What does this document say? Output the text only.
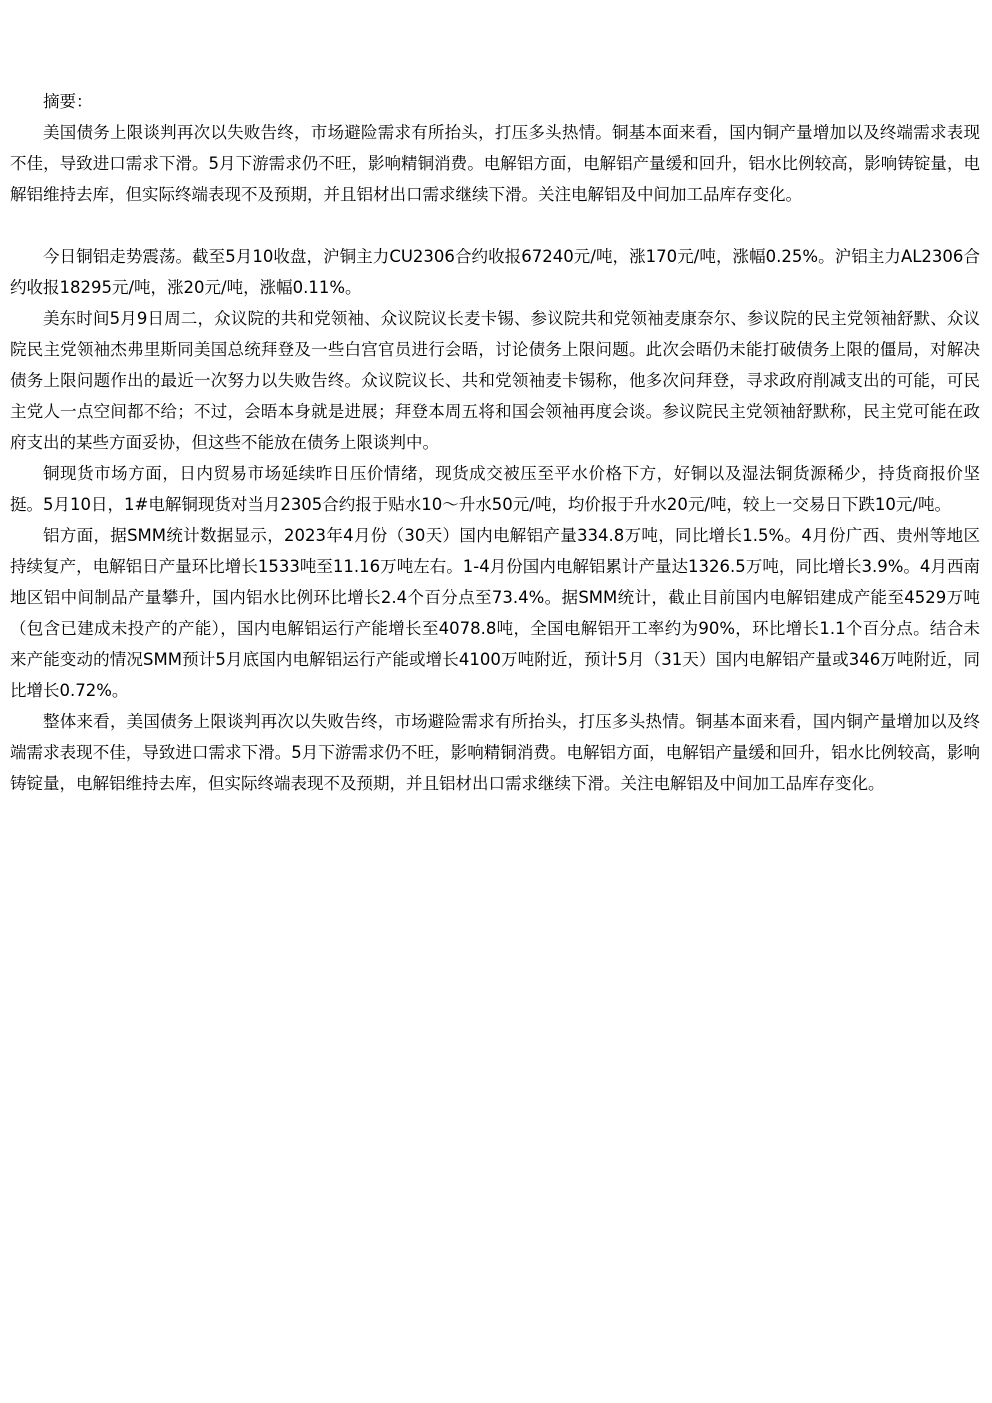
摘要：

美国债务上限谈判再次以失败告终，市场避险需求有所抬头，打压多头热情。铜基本面来看，国内铜产量增加以及终端需求表现不佳，导致进口需求下滑。5月下游需求仍不旺，影响精铜消费。电解铝方面，电解铝产量缓和回升，铝水比例较高，影响铸锭量，电解铝维持去库，但实际终端表现不及预期，并且铝材出口需求继续下滑。关注电解铝及中间加工品库存变化。

今日铜铝走势震荡。截至5月10收盘，沪铜主力CU2306合约收报67240元/吨，涨170元/吨，涨幅0.25%。沪铝主力AL2306合约收报18295元/吨，涨20元/吨，涨幅0.11%。

美东时间5月9日周二，众议院的共和党领袖、众议院议长麦卡锡、参议院共和党领袖麦康奈尔、参议院的民主党领袖舒默、众议院民主党领袖杰弗里斯同美国总统拜登及一些白宫官员进行会晤，讨论债务上限问题。此次会晤仍未能打破债务上限的僵局，对解决债务上限问题作出的最近一次努力以失败告终。众议院议长、共和党领袖麦卡锡称，他多次问拜登，寻求政府削减支出的可能，可民主党人一点空间都不给；不过，会晤本身就是进展；拜登本周五将和国会领袖再度会谈。参议院民主党领袖舒默称，民主党可能在政府支出的某些方面妥协，但这些不能放在债务上限谈判中。

铜现货市场方面，日内贸易市场延续昨日压价情绪，现货成交被压至平水价格下方，好铜以及湿法铜货源稀少，持货商报价坚挺。5月10日，1#电解铜现货对当月2305合约报于贴水10～升水50元/吨，均价报于升水20元/吨，较上一交易日下跌10元/吨。

铝方面，据SMM统计数据显示，2023年4月份（30天）国内电解铝产量334.8万吨，同比增长1.5%。4月份广西、贵州等地区持续复产，电解铝日产量环比增长1533吨至11.16万吨左右。1-4月份国内电解铝累计产量达1326.5万吨，同比增长3.9%。4月西南地区铝中间制品产量攀升，国内铝水比例环比增长2.4个百分点至73.4%。据SMM统计，截止目前国内电解铝建成产能至4529万吨（包含已建成未投产的产能），国内电解铝运行产能增长至4078.8吨，全国电解铝开工率约为90%，环比增长1.1个百分点。结合未来产能变动的情况SMM预计5月底国内电解铝运行产能或增长4100万吨附近，预计5月（31天）国内电解铝产量或346万吨附近，同比增长0.72%。

整体来看，美国债务上限谈判再次以失败告终，市场避险需求有所抬头，打压多头热情。铜基本面来看，国内铜产量增加以及终端需求表现不佳，导致进口需求下滑。5月下游需求仍不旺，影响精铜消费。电解铝方面，电解铝产量缓和回升，铝水比例较高，影响铸锭量，电解铝维持去库，但实际终端表现不及预期，并且铝材出口需求继续下滑。关注电解铝及中间加工品库存变化。
